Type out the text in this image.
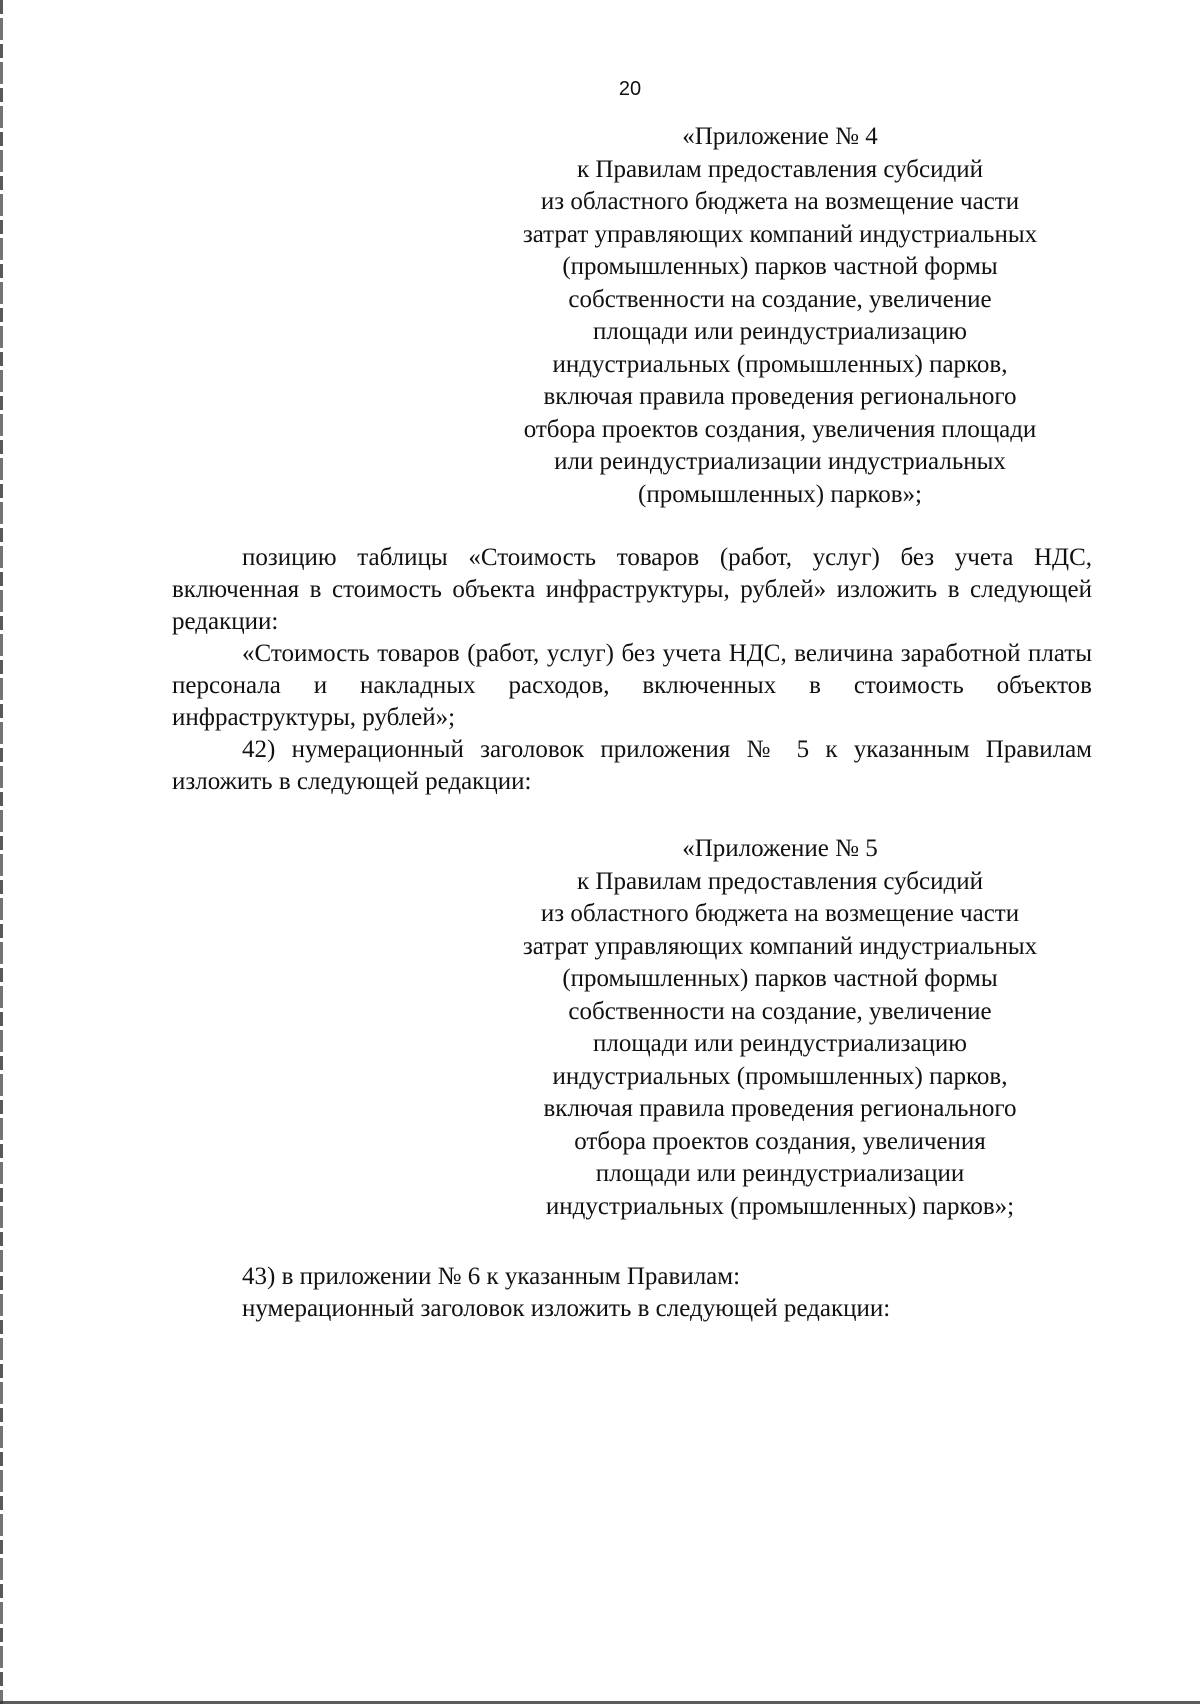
20
«Приложение № 4
к Правилам предоставления субсидий
из областного бюджета на возмещение части
затрат управляющих компаний индустриальных
(промышленных) парков частной формы
собственности на создание, увеличение
площади или реиндустриализацию
индустриальных (промышленных) парков,
включая правила проведения регионального
отбора проектов создания, увеличения площади
или реиндустриализации индустриальных
(промышленных) парков»;

позицию таблицы «Стоимость товаров (работ, услуг) без учета НДС, включенная в стоимость объекта инфраструктуры, рублей» изложить в следующей редакции:

«Стоимость товаров (работ, услуг) без учета НДС, величина заработной платы персонала и накладных расходов, включенных в стоимость объектов инфраструктуры, рублей»;

42) нумерационный заголовок приложения № 5 к указанным Правилам изложить в следующей редакции:

«Приложение № 5
к Правилам предоставления субсидий
из областного бюджета на возмещение части
затрат управляющих компаний индустриальных
(промышленных) парков частной формы
собственности на создание, увеличение
площади или реиндустриализацию
индустриальных (промышленных) парков,
включая правила проведения регионального
отбора проектов создания, увеличения
площади или реиндустриализации
индустриальных (промышленных) парков»;

43) в приложении № 6 к указанным Правилам:

нумерационный заголовок изложить в следующей редакции:
